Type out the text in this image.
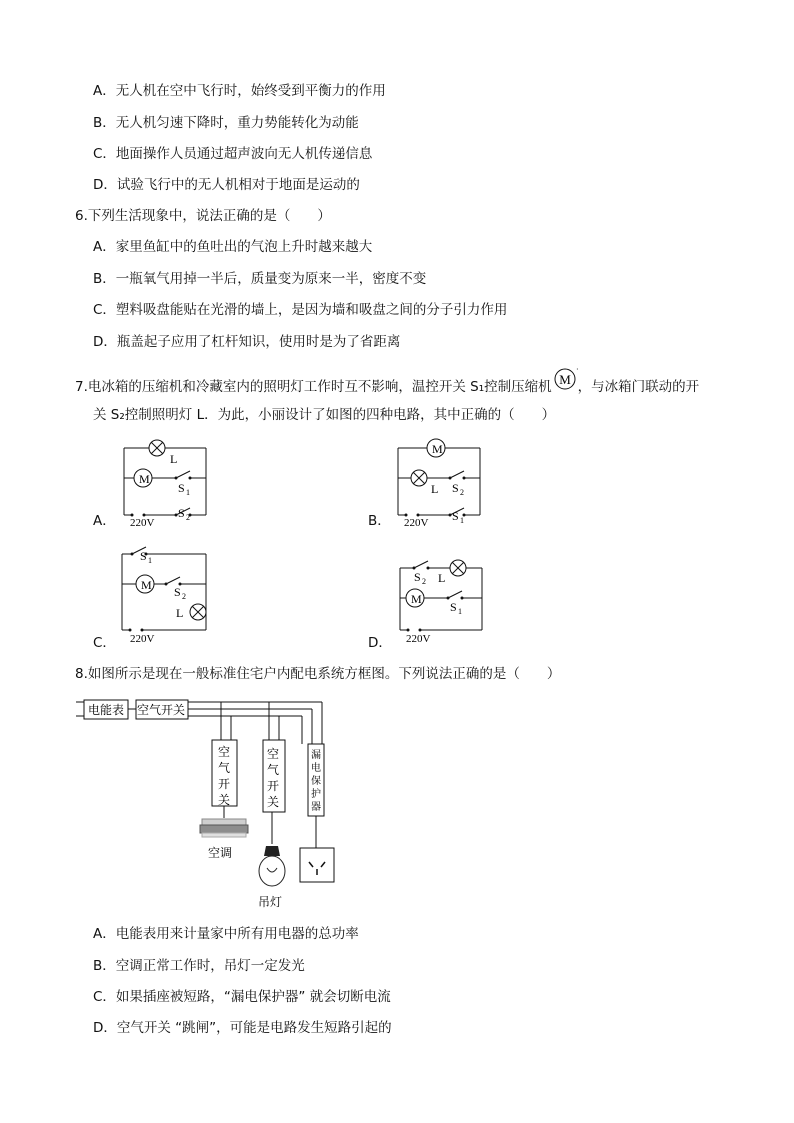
A．无人机在空中飞行时，始终受到平衡力的作用
B．无人机匀速下降时，重力势能转化为动能
C．地面操作人员通过超声波向无人机传递信息
D．试验飞行中的无人机相对于地面是运动的
6.下列生活现象中，说法正确的是（　　）
A．家里鱼缸中的鱼吐出的气泡上升时越来越大
B．一瓶氧气用掉一半后，质量变为原来一半，密度不变
C．塑料吸盘能贴在光滑的墙上，是因为墙和吸盘之间的分子引力作用
D．瓶盖起子应用了杠杆知识，使用时是为了省距离
7.电冰箱的压缩机和冷藏室内的照明灯工作时互不影响，温控开关 S₁控制压缩机 M
·
，与冰箱门联动的开
关 S₂控制照明灯 L．为此，小丽设计了如图的四种电路，其中正确的（　　）
A．
M
L
S 1
S 2
220V	B．
M
L S 2
S 1
220V
C．
S 1
M S 2
L
220V	D．
S 2 L
M
S 1
220V
8.如图所示是现在一般标准住宅户内配电系统方框图。下列说法正确的是（　　）
电能表 空气开关
空
气
开
关
空
气
开
关
漏
电
保
护
器
空调
吊灯
A．电能表用来计量家中所有用电器的总功率
B．空调正常工作时，吊灯一定发光
C．如果插座被短路，“漏电保护器” 就会切断电流
D．空气开关 “跳闸”，可能是电路发生短路引起的
